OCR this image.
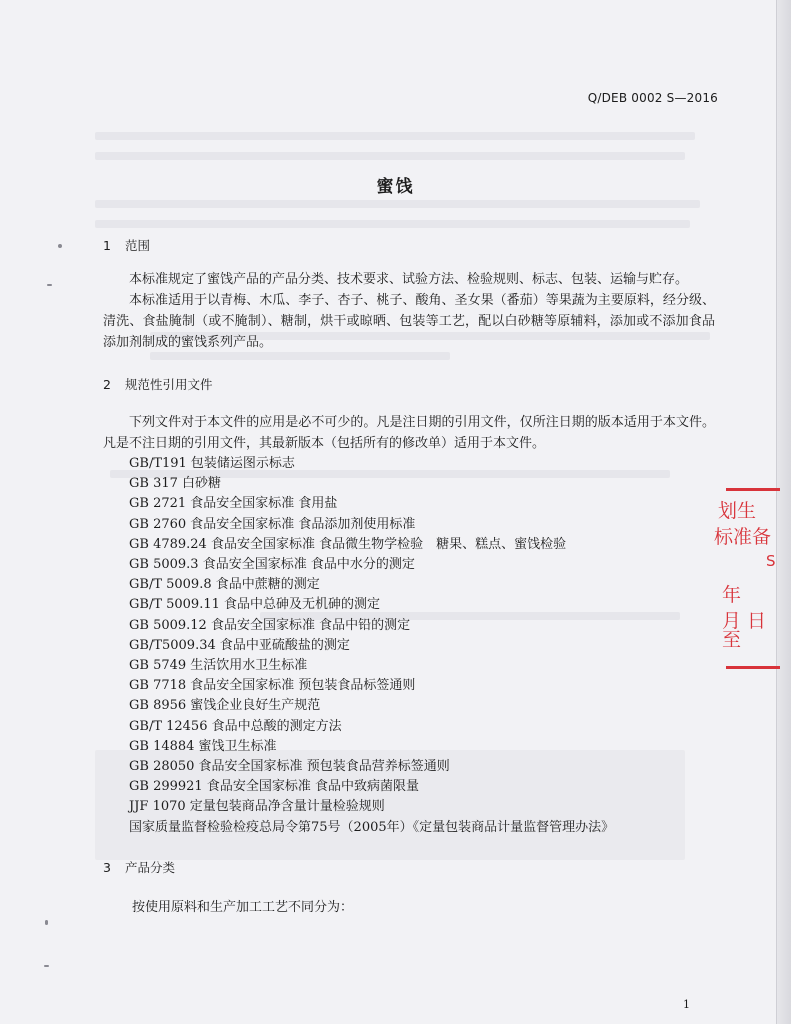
Q/DEB 0002 S—2016
蜜饯
1 范围
本标准规定了蜜饯产品的产品分类、技术要求、试验方法、检验规则、标志、包装、运输与贮存。
本标准适用于以青梅、木瓜、李子、杏子、桃子、酸角、圣女果（番茄）等果蔬为主要原料，经分级、清洗、食盐腌制（或不腌制）、糖制，烘干或晾晒、包装等工艺，配以白砂糖等原辅料，添加或不添加食品添加剂制成的蜜饯系列产品。
2 规范性引用文件
下列文件对于本文件的应用是必不可少的。凡是注日期的引用文件，仅所注日期的版本适用于本文件。凡是不注日期的引用文件，其最新版本（包括所有的修改单）适用于本文件。
GB/T191 包装储运图示标志
GB 317 白砂糖
GB 2721 食品安全国家标准 食用盐
GB 2760 食品安全国家标准 食品添加剂使用标准
GB 4789.24 食品安全国家标准 食品微生物学检验　糖果、糕点、蜜饯检验
GB 5009.3 食品安全国家标准 食品中水分的测定
GB/T 5009.8 食品中蔗糖的测定
GB/T 5009.11 食品中总砷及无机砷的测定
GB 5009.12 食品安全国家标准 食品中铅的测定
GB/T5009.34 食品中亚硫酸盐的测定
GB 5749 生活饮用水卫生标准
GB 7718 食品安全国家标准 预包装食品标签通则
GB 8956 蜜饯企业良好生产规范
GB/T 12456 食品中总酸的测定方法
GB 14884 蜜饯卫生标准
GB 28050 食品安全国家标准 预包装食品营养标签通则
GB 299921 食品安全国家标准 食品中致病菌限量
JJF 1070 定量包装商品净含量计量检验规则
国家质量监督检验检疫总局令第75号（2005年）《定量包装商品计量监督管理办法》
3 产品分类
按使用原料和生产加工工艺不同分为：
1
划生
标准备
S
年
月 日至
